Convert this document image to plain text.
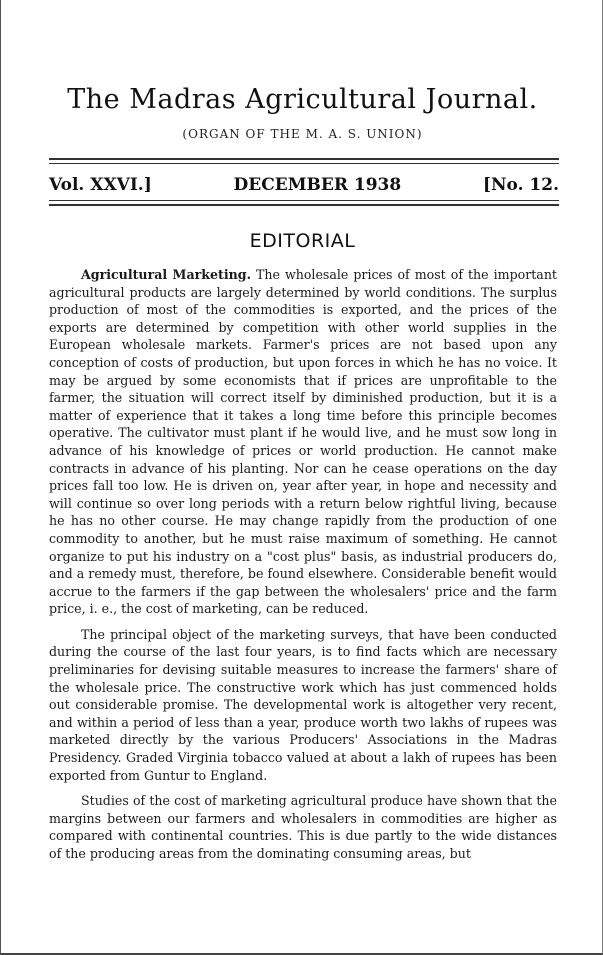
The Madras Agricultural Journal.
(ORGAN OF THE M. A. S. UNION)
Vol. XXVI.]	DECEMBER 1938	[No. 12.
EDITORIAL

Agricultural Marketing. The wholesale prices of most of the important agricultural products are largely determined by world conditions. The surplus production of most of the commodities is exported, and the prices of the exports are determined by competition with other world supplies in the European wholesale markets. Farmer's prices are not based upon any conception of costs of production, but upon forces in which he has no voice. It may be argued by some economists that if prices are unprofitable to the farmer, the situation will correct itself by diminished production, but it is a matter of experience that it takes a long time before this principle becomes operative. The cultivator must plant if he would live, and he must sow long in advance of his knowledge of prices or world production. He cannot make contracts in advance of his planting. Nor can he cease operations on the day prices fall too low. He is driven on, year after year, in hope and necessity and will continue so over long periods with a return below rightful living, because he has no other course. He may change rapidly from the production of one commodity to another, but he must raise maximum of something. He cannot organize to put his industry on a "cost plus" basis, as industrial producers do, and a remedy must, therefore, be found elsewhere. Considerable benefit would accrue to the farmers if the gap between the wholesalers' price and the farm price, i. e., the cost of marketing, can be reduced.

The principal object of the marketing surveys, that have been conducted during the course of the last four years, is to find facts which are necessary preliminaries for devising suitable measures to increase the farmers' share of the wholesale price. The constructive work which has just commenced holds out considerable promise. The developmental work is altogether very recent, and within a period of less than a year, produce worth two lakhs of rupees was marketed directly by the various Producers' Associations in the Madras Presidency. Graded Virginia tobacco valued at about a lakh of rupees has been exported from Guntur to England.

Studies of the cost of marketing agricultural produce have shown that the margins between our farmers and wholesalers in commodities are higher as compared with continental countries. This is due partly to the wide distances of the producing areas from the dominating consuming areas, but
